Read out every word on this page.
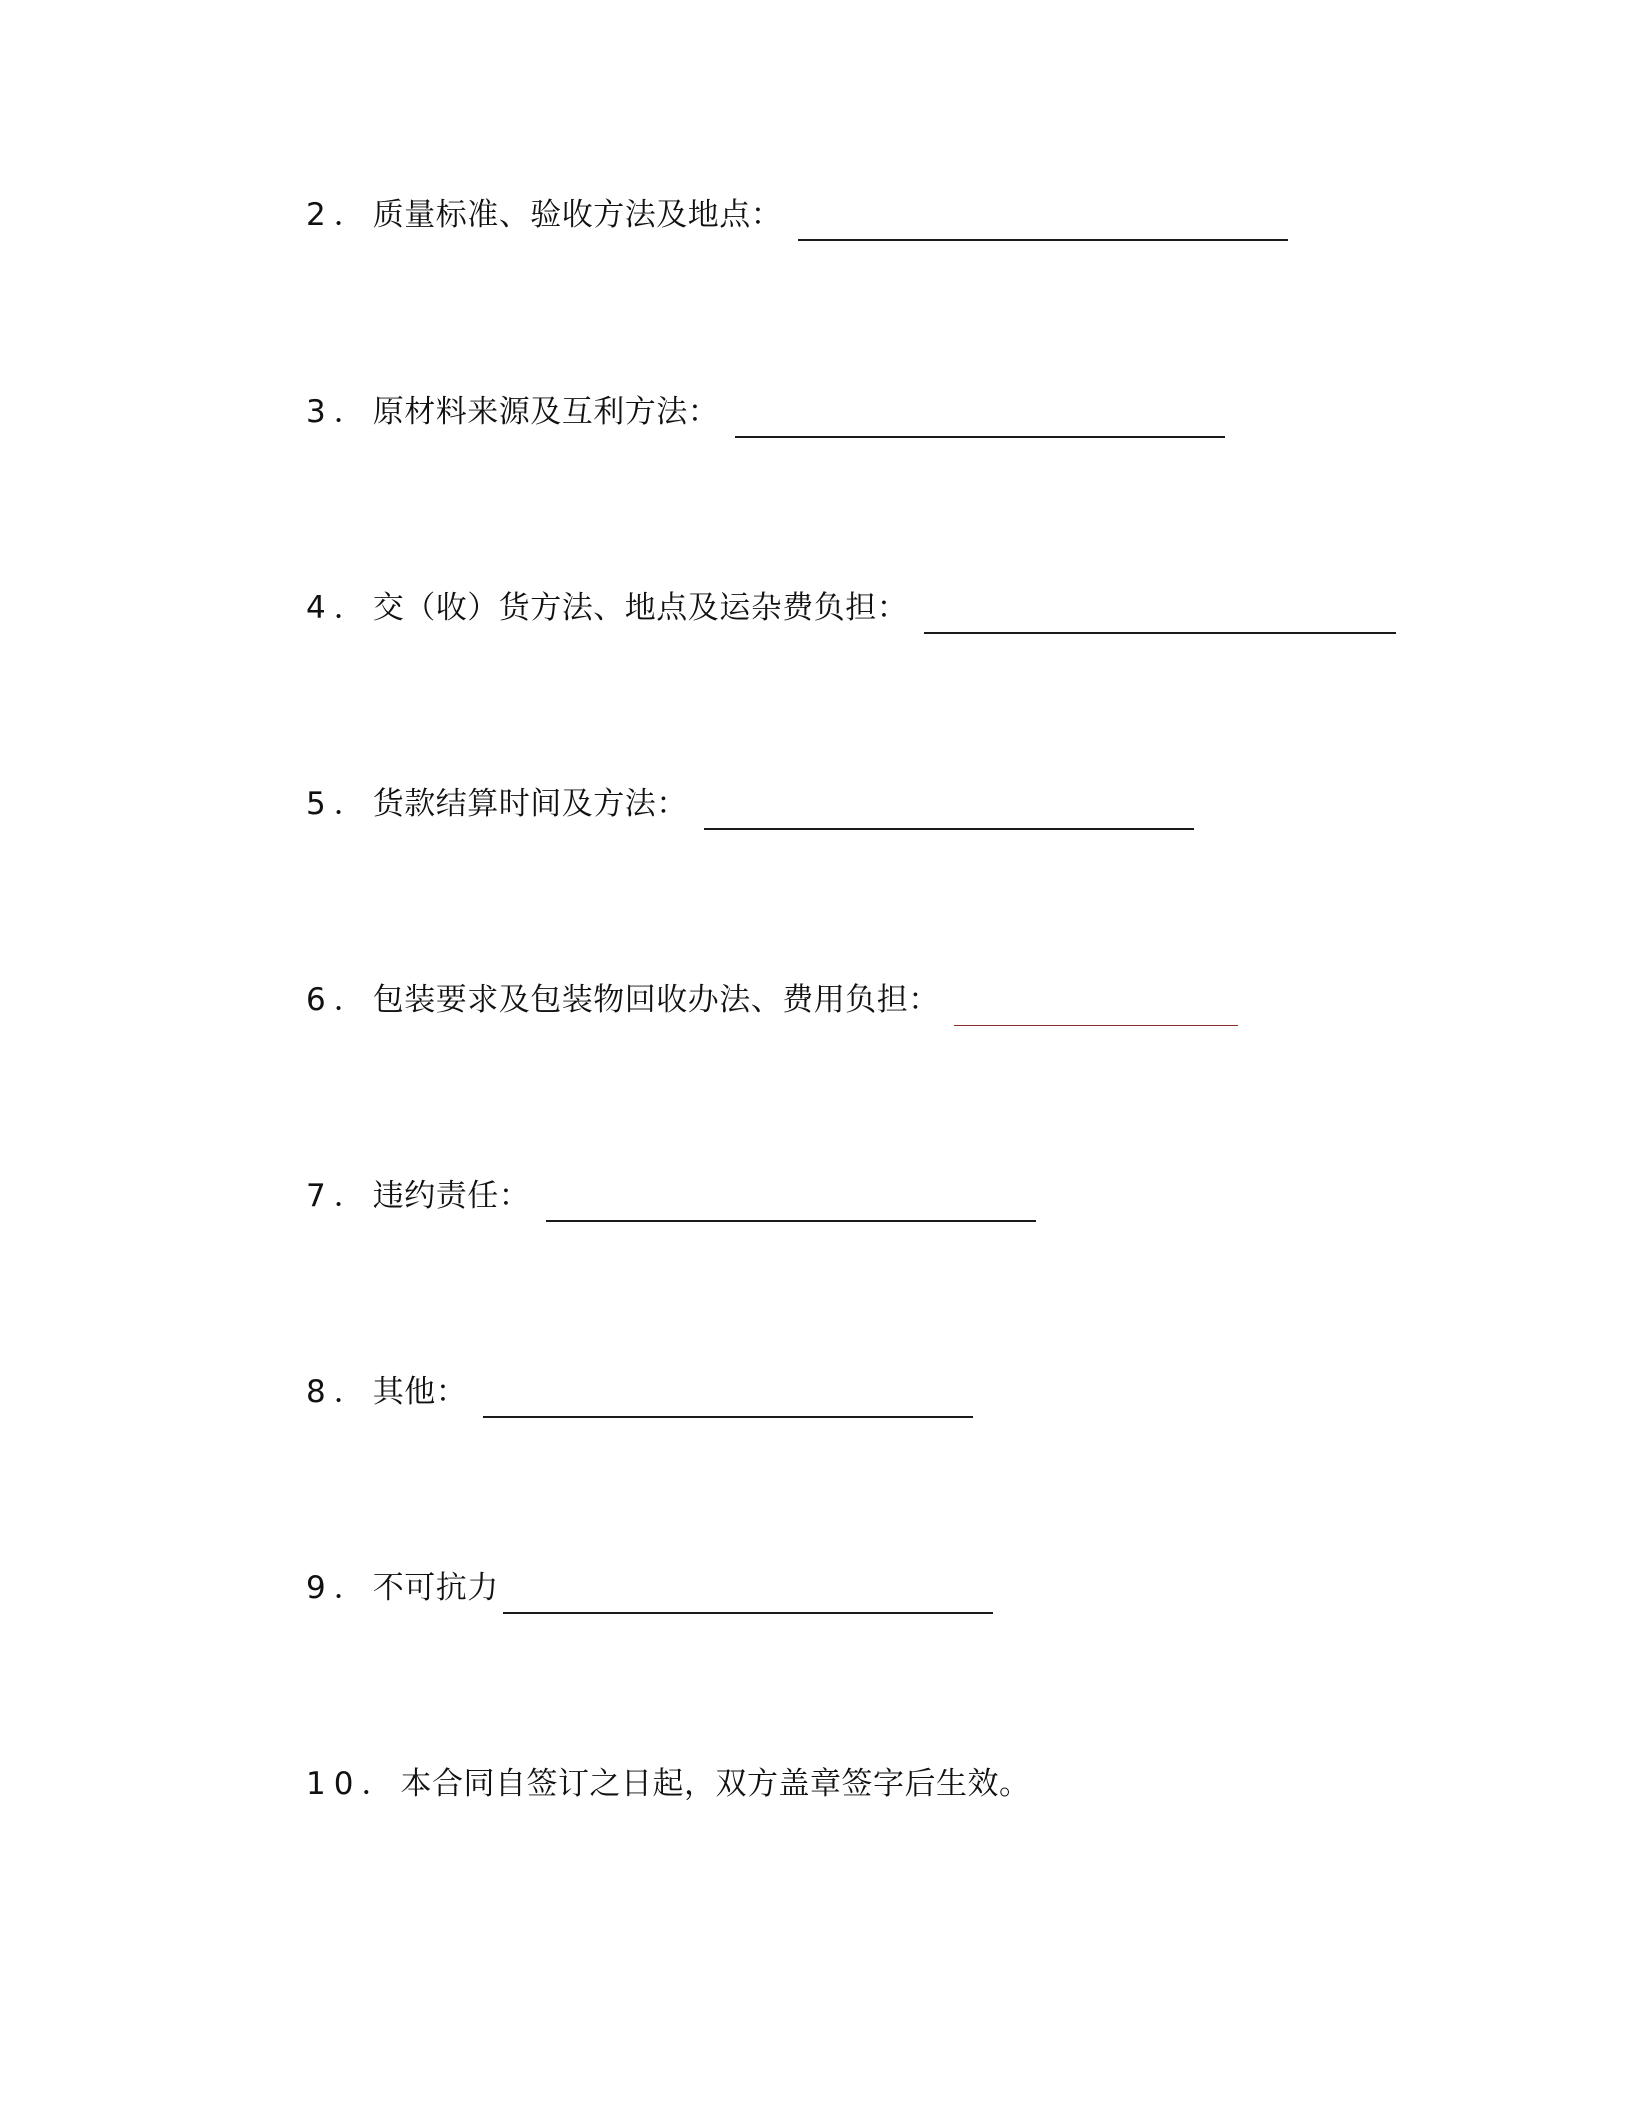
2． 质量标准、验收方法及地点：
3． 原材料来源及互利方法：
4． 交（收）货方法、地点及运杂费负担：
5． 货款结算时间及方法：
6． 包装要求及包装物回收办法、费用负担：
7． 违约责任：
8． 其他：
9． 不可抗力
10． 本合同自签订之日起，双方盖章签字后生效。
